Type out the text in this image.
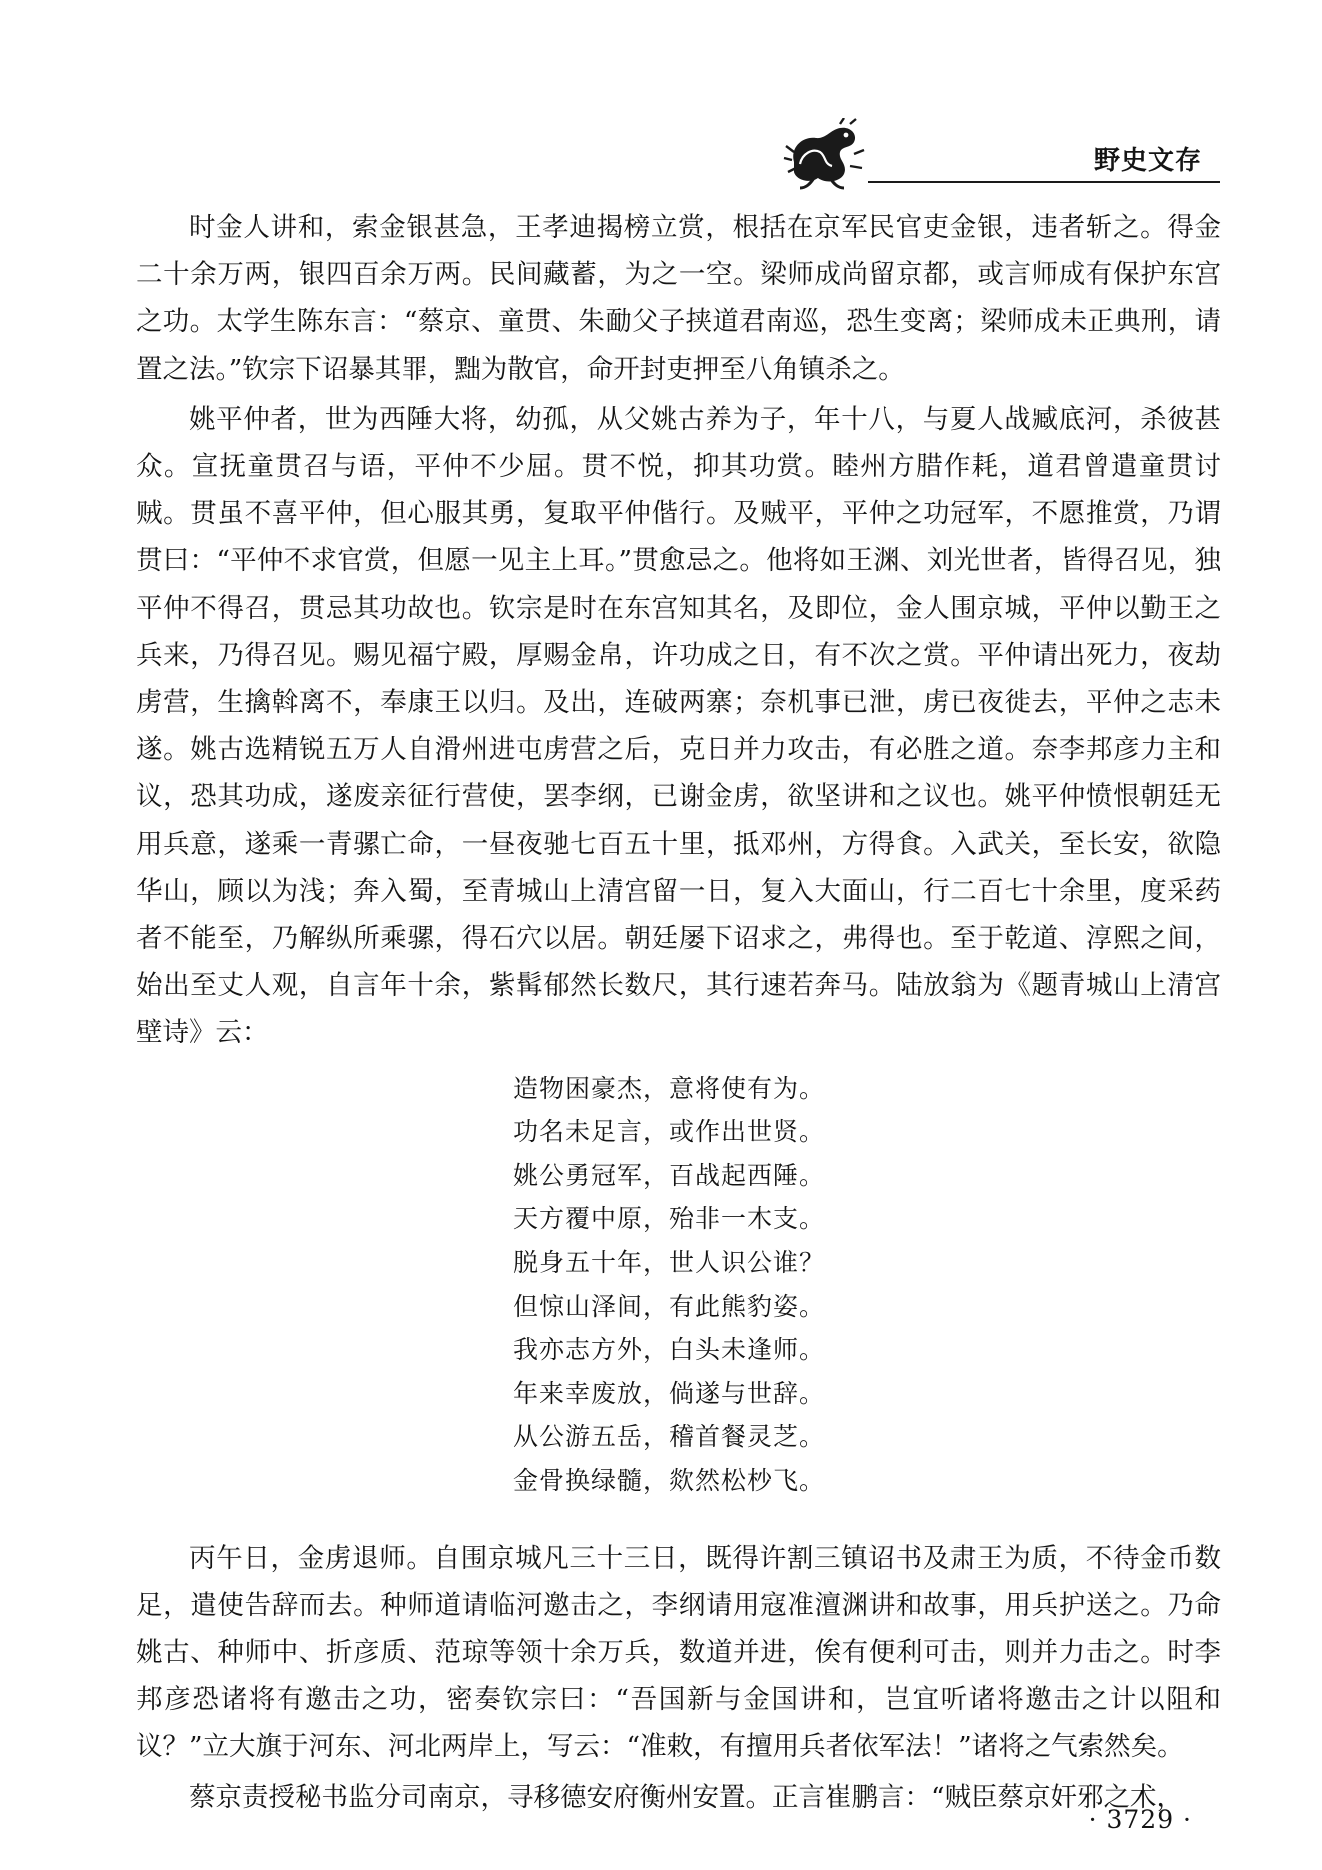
野史文存

时金人讲和，索金银甚急，王孝迪揭榜立赏，根括在京军民官吏金银，违者斩之。得金二十余万两，银四百余万两。民间藏蓄，为之一空。梁师成尚留京都，或言师成有保护东宫之功。太学生陈东言：“蔡京、童贯、朱勔父子挟道君南巡，恐生变离；梁师成未正典刑，请置之法。”钦宗下诏暴其罪，黜为散官，命开封吏押至八角镇杀之。

姚平仲者，世为西陲大将，幼孤，从父姚古养为子，年十八，与夏人战臧底河，杀彼甚众。宣抚童贯召与语，平仲不少屈。贯不悦，抑其功赏。睦州方腊作耗，道君曾遣童贯讨贼。贯虽不喜平仲，但心服其勇，复取平仲偕行。及贼平，平仲之功冠军，不愿推赏，乃谓贯曰：“平仲不求官赏，但愿一见主上耳。”贯愈忌之。他将如王渊、刘光世者，皆得召见，独平仲不得召，贯忌其功故也。钦宗是时在东宫知其名，及即位，金人围京城，平仲以勤王之兵来，乃得召见。赐见福宁殿，厚赐金帛，许功成之日，有不次之赏。平仲请出死力，夜劫虏营，生擒斡离不，奉康王以归。及出，连破两寨；奈机事已泄，虏已夜徙去，平仲之志未遂。姚古选精锐五万人自滑州进屯虏营之后，克日并力攻击，有必胜之道。奈李邦彦力主和议，恐其功成，遂废亲征行营使，罢李纲，已谢金虏，欲坚讲和之议也。姚平仲愤恨朝廷无用兵意，遂乘一青骡亡命，一昼夜驰七百五十里，抵邓州，方得食。入武关，至长安，欲隐华山，顾以为浅；奔入蜀，至青城山上清宫留一日，复入大面山，行二百七十余里，度采药者不能至，乃解纵所乘骡，得石穴以居。朝廷屡下诏求之，弗得也。至于乾道、淳熙之间，始出至丈人观，自言年十余，紫髯郁然长数尺，其行速若奔马。陆放翁为《题青城山上清宫壁诗》云：

造物困豪杰，意将使有为。
功名未足言，或作出世贤。
姚公勇冠军，百战起西陲。
天方覆中原，殆非一木支。
脱身五十年，世人识公谁？
但惊山泽间，有此熊豹姿。
我亦志方外，白头未逢师。
年来幸废放，倘遂与世辞。
从公游五岳，稽首餐灵芝。
金骨换绿髓，欻然松杪飞。

丙午日，金虏退师。自围京城凡三十三日，既得许割三镇诏书及肃王为质，不待金币数足，遣使告辞而去。种师道请临河邀击之，李纲请用寇准澶渊讲和故事，用兵护送之。乃命姚古、种师中、折彦质、范琼等领十余万兵，数道并进，俟有便利可击，则并力击之。时李邦彦恐诸将有邀击之功，密奏钦宗曰：“吾国新与金国讲和，岂宜听诸将邀击之计以阻和议？”立大旗于河东、河北两岸上，写云：“准敕，有擅用兵者依军法！”诸将之气索然矣。

蔡京责授秘书监分司南京，寻移德安府衡州安置。正言崔鹏言：“贼臣蔡京奸邪之术，

· 3729 ·
